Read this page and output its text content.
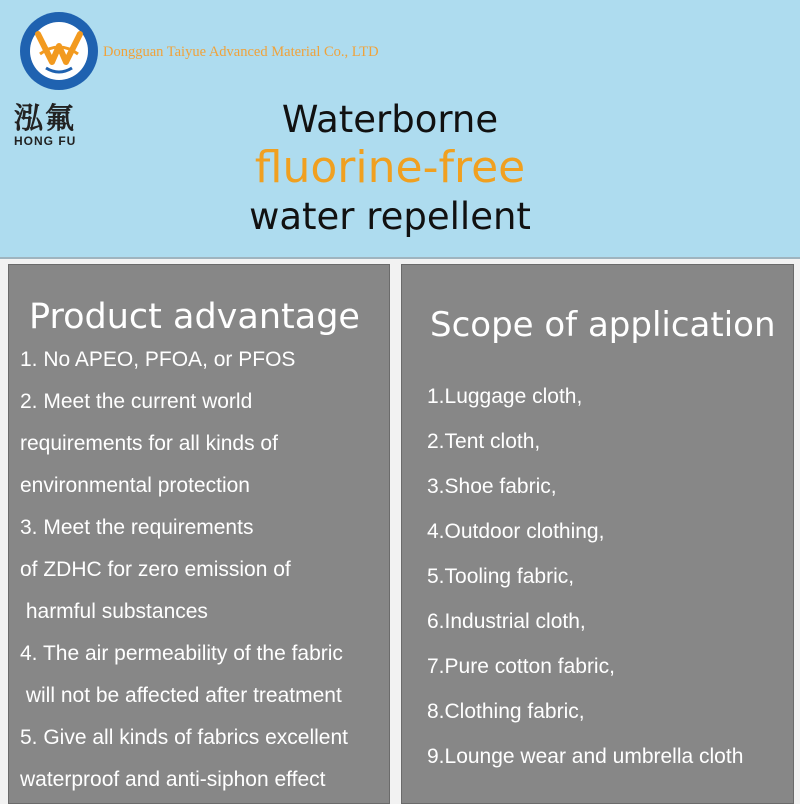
泓氟
HONG FU
Dongguan Taiyue Advanced Material Co., LTD
Waterborne
fluorine-free
water repellent
Product advantage
1. No APEO, PFOA, or PFOS
2. Meet the current world
requirements for all kinds of
environmental protection
3. Meet the requirements
of ZDHC for zero emission of
harmful substances
4. The air permeability of the fabric
will not be affected after treatment
5. Give all kinds of fabrics excellent
waterproof and anti-siphon effect
Scope of application
1.Luggage cloth,
2.Tent cloth,
3.Shoe fabric,
4.Outdoor clothing,
5.Tooling fabric,
6.Industrial cloth,
7.Pure cotton fabric,
8.Clothing fabric,
9.Lounge wear and umbrella cloth
